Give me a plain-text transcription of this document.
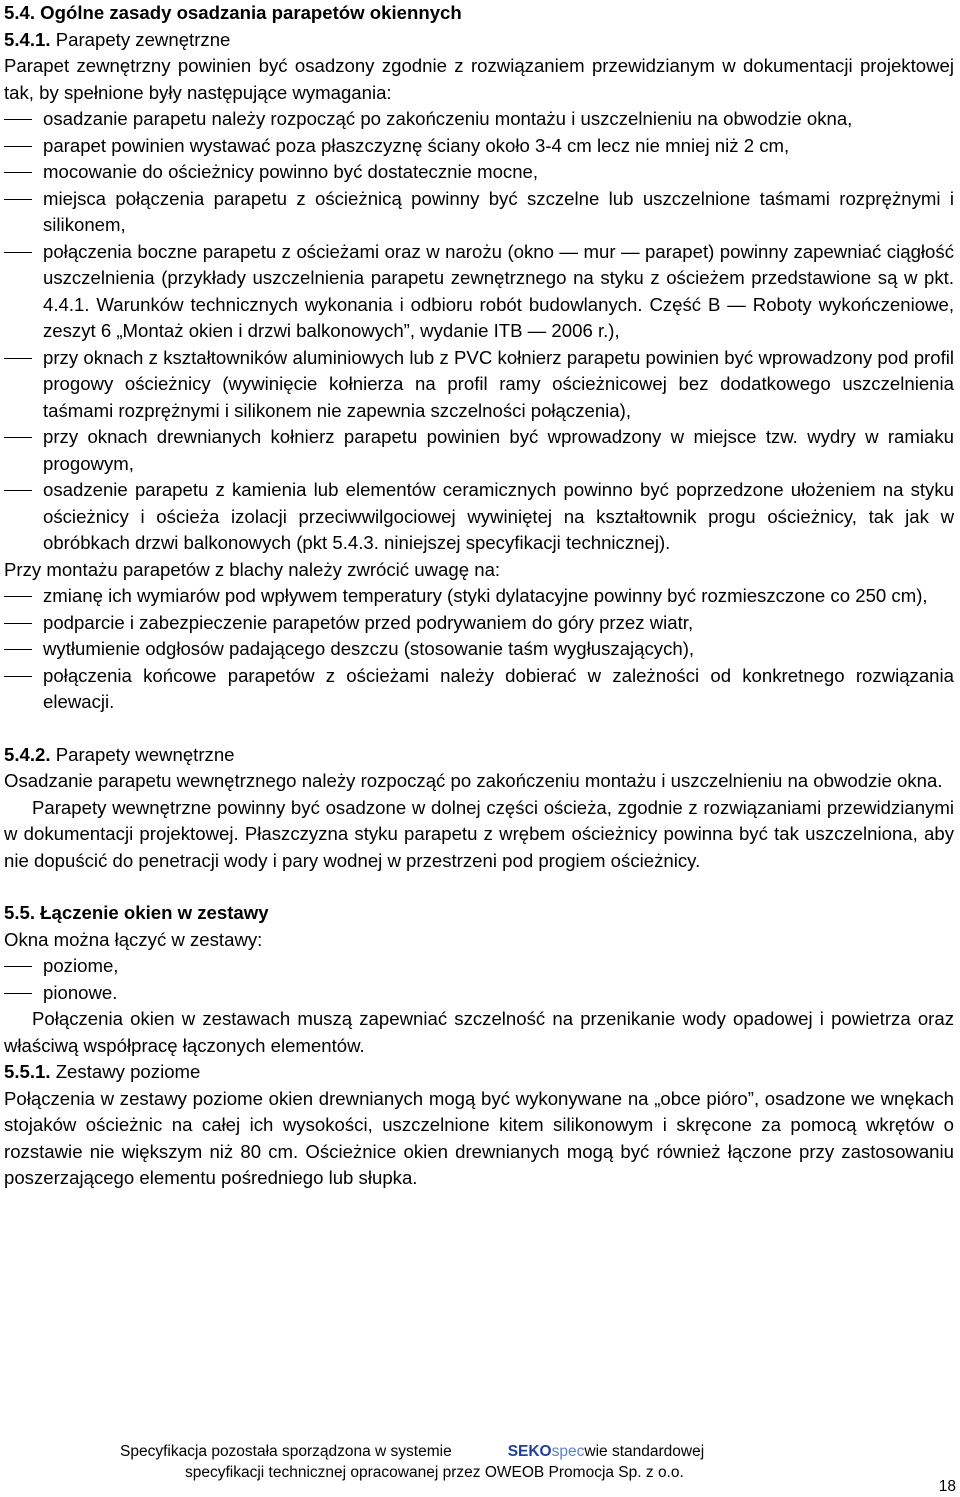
5.4. Ogólne zasady osadzania parapetów okiennych

5.4.1. Parapety zewnętrzne

Parapet zewnętrzny powinien być osadzony zgodnie z rozwiązaniem przewidzianym w dokumentacji projektowej tak, by spełnione były następujące wymagania:

osadzanie parapetu należy rozpocząć po zakończeniu montażu i uszczelnieniu na obwodzie okna,
parapet powinien wystawać poza płaszczyznę ściany około 3-4 cm lecz nie mniej niż 2 cm,
mocowanie do ościeżnicy powinno być dostatecznie mocne,
miejsca połączenia parapetu z ościeżnicą powinny być szczelne lub uszczelnione taśmami rozprężnymi i silikonem,
połączenia boczne parapetu z ościeżami oraz w narożu (okno — mur — parapet) powinny zapewniać ciągłość uszczelnienia (przykłady uszczelnienia parapetu zewnętrznego na styku z ościeżem przedstawione są w pkt. 4.4.1. Warunków technicznych wykonania i odbioru robót budowlanych. Część B — Roboty wykończeniowe, zeszyt 6 „Montaż okien i drzwi balkonowych”, wydanie ITB — 2006 r.),
przy oknach z kształtowników aluminiowych lub z PVC kołnierz parapetu powinien być wprowadzony pod profil progowy ościeżnicy (wywinięcie kołnierza na profil ramy ościeżnicowej bez dodatkowego uszczelnienia taśmami rozprężnymi i silikonem nie zapewnia szczelności połączenia),
przy oknach drewnianych kołnierz parapetu powinien być wprowadzony w miejsce tzw. wydry w ramiaku progowym,
osadzenie parapetu z kamienia lub elementów ceramicznych powinno być poprzedzone ułożeniem na styku ościeżnicy i ościeża izolacji przeciwwilgociowej wywiniętej na kształtownik progu ościeżnicy, tak jak w obróbkach drzwi balkonowych (pkt 5.4.3. niniejszej specyfikacji technicznej).

Przy montażu parapetów z blachy należy zwrócić uwagę na:

zmianę ich wymiarów pod wpływem temperatury (styki dylatacyjne powinny być rozmieszczone co 250 cm),
podparcie i zabezpieczenie parapetów przed podrywaniem do góry przez wiatr,
wytłumienie odgłosów padającego deszczu (stosowanie taśm wygłuszających),
połączenia końcowe parapetów z ościeżami należy dobierać w zależności od konkretnego rozwiązania elewacji.

5.4.2. Parapety wewnętrzne

Osadzanie parapetu wewnętrznego należy rozpocząć po zakończeniu montażu i uszczelnieniu na obwodzie okna.

Parapety wewnętrzne powinny być osadzone w dolnej części ościeża, zgodnie z rozwiązaniami przewidzianymi w dokumentacji projektowej. Płaszczyzna styku parapetu z wrębem ościeżnicy powinna być tak uszczelniona, aby nie dopuścić do penetracji wody i pary wodnej w przestrzeni pod progiem ościeżnicy.

5.5. Łączenie okien w zestawy

Okna można łączyć w zestawy:

poziome,
pionowe.

Połączenia okien w zestawach muszą zapewniać szczelność na przenikanie wody opadowej i powietrza oraz właściwą współpracę łączonych elementów.

5.5.1. Zestawy poziome

Połączenia w zestawy poziome okien drewnianych mogą być wykonywane na „obce pióro”, osadzone we wnękach stojaków ościeżnic na całej ich wysokości, uszczelnione kitem silikonowym i skręcone za pomocą wkrętów o rozstawie nie większym niż 80 cm. Ościeżnice okien drewnianych mogą być również łączone przy zastosowaniu poszerzającego elementu pośredniego lub słupka.

Specyfikacja pozostała sporządzona w systemie	SEKOspecwie standardowej
specyfikacji technicznej opracowanej przez OWEOB Promocja Sp. z o.o.
18
